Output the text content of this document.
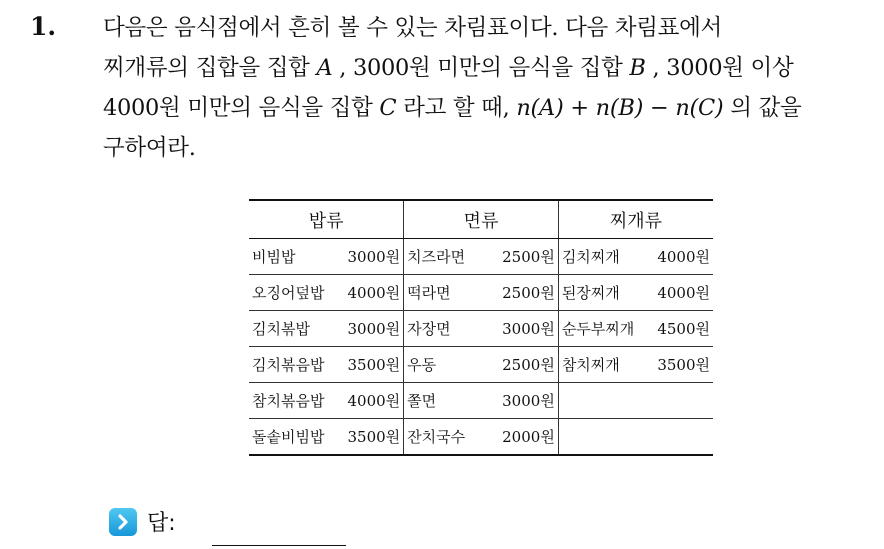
1. 다음은 음식점에서 흔히 볼 수 있는 차림표이다. 다음 차림표에서
찌개류의 집합을 집합 A , 3000원 미만의 음식을 집합 B , 3000원 이상
4000원 미만의 음식을 집합 C 라고 할 때, n(A) + n(B) − n(C) 의 값을
구하여라.
밥류	면류	찌개류

비빔밥 3000원	치즈라면 2500원	김치찌개 4000원

오징어덮밥 4000원	떡라면 2500원	된장찌개 4000원

김치볶밥 3000원	자장면 3000원	순두부찌개 4500원

김치볶음밥 3500원	우동 2500원	참치찌개 3500원

참치볶음밥 4000원	쫄면 3000원	

돌솥비빔밥 3500원	잔치국수 2000원	

답:
